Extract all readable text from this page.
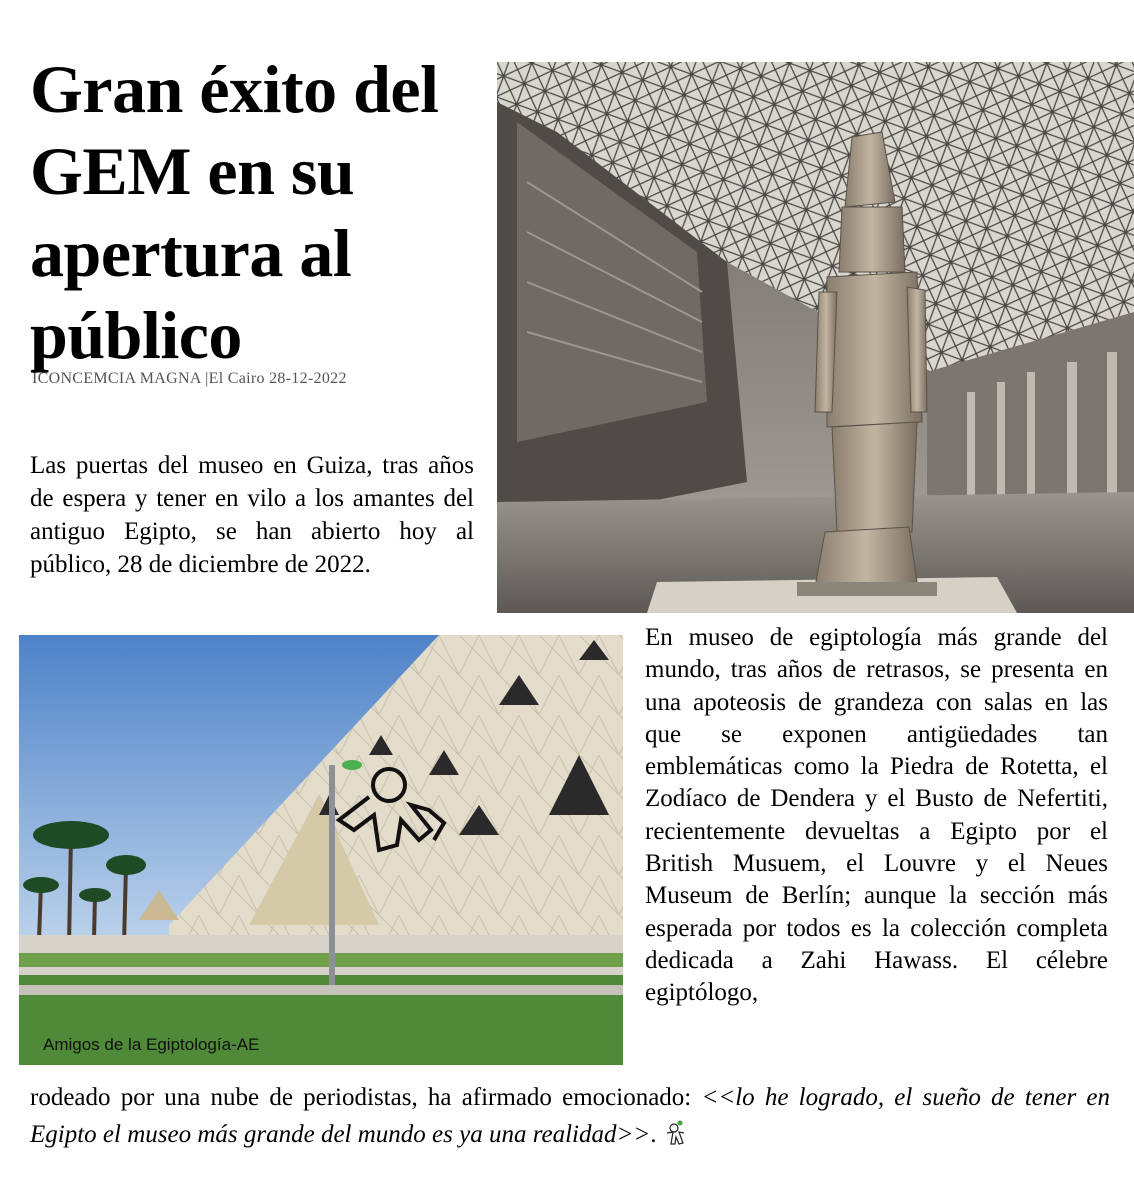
Gran éxito del GEM en su apertura al público
ICONCEMCIA MAGNA |El Cairo 28-12-2022

Las puertas del museo en Guiza, tras años de espera y tener en vilo a los amantes del antiguo Egipto, se han abierto hoy al público, 28 de diciembre de 2022.

Amigos de la Egiptología-AE

En museo de egiptología más grande del mundo, tras años de retrasos, se presenta en una apoteosis de grandeza con salas en las que se exponen antigüedades tan emblemáticas como la Piedra de Rotetta, el Zodíaco de Dendera y el Busto de Nefertiti, recientemente devueltas a Egipto por el British Musuem, el Louvre y el Neues Museum de Berlín; aunque la sección más esperada por todos es la colección completa dedicada a Zahi Hawass. El célebre egiptólogo,

rodeado por una nube de periodistas, ha afirmado emocionado: <<lo he logrado, el sueño de tener en Egipto el museo más grande del mundo es ya una realidad>>.
